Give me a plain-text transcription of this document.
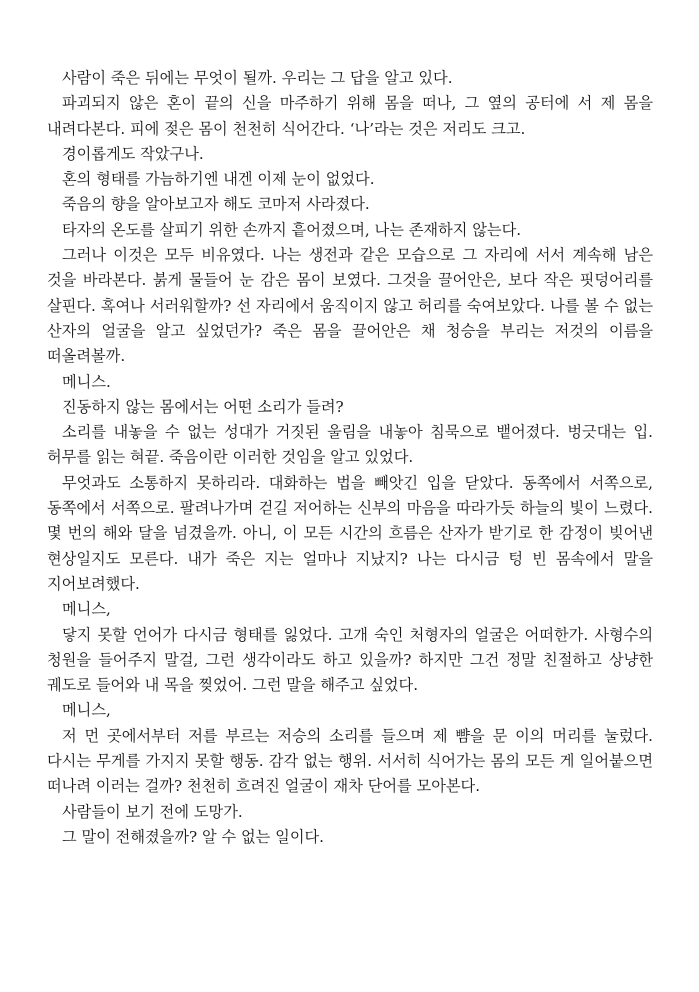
사람이 죽은 뒤에는 무엇이 될까. 우리는 그 답을 알고 있다.

파괴되지 않은 혼이 끝의 신을 마주하기 위해 몸을 떠나, 그 옆의 공터에 서 제 몸을 내려다본다. 피에 젖은 몸이 천천히 식어간다. ‘나’라는 것은 저리도 크고.

경이롭게도 작았구나.

혼의 형태를 가늠하기엔 내겐 이제 눈이 없었다.

죽음의 향을 알아보고자 해도 코마저 사라졌다.

타자의 온도를 살피기 위한 손까지 흩어졌으며, 나는 존재하지 않는다.

그러나 이것은 모두 비유였다. 나는 생전과 같은 모습으로 그 자리에 서서 계속해 남은 것을 바라본다. 붉게 물들어 눈 감은 몸이 보였다. 그것을 끌어안은, 보다 작은 핏덩어리를 살핀다. 혹여나 서러워할까? 선 자리에서 움직이지 않고 허리를 숙여보았다. 나를 볼 수 없는 산자의 얼굴을 알고 싶었던가? 죽은 몸을 끌어안은 채 청승을 부리는 저것의 이름을 떠올려볼까.

메니스.

진동하지 않는 몸에서는 어떤 소리가 들려?

소리를 내놓을 수 없는 성대가 거짓된 울림을 내놓아 침묵으로 뱉어졌다. 벙긋대는 입. 허무를 읽는 혀끝. 죽음이란 이러한 것임을 알고 있었다.

무엇과도 소통하지 못하리라. 대화하는 법을 빼앗긴 입을 닫았다. 동쪽에서 서쪽으로, 동쪽에서 서쪽으로. 팔려나가며 걷길 저어하는 신부의 마음을 따라가듯 하늘의 빛이 느렸다. 몇 번의 해와 달을 넘겼을까. 아니, 이 모든 시간의 흐름은 산자가 받기로 한 감정이 빚어낸 현상일지도 모른다. 내가 죽은 지는 얼마나 지났지? 나는 다시금 텅 빈 몸속에서 말을 지어보려했다.

메니스,

닿지 못할 언어가 다시금 형태를 잃었다. 고개 숙인 처형자의 얼굴은 어떠한가. 사형수의 청원을 들어주지 말걸, 그런 생각이라도 하고 있을까? 하지만 그건 정말 친절하고 상냥한 궤도로 들어와 내 목을 찢었어. 그런 말을 해주고 싶었다.

메니스,

저 먼 곳에서부터 저를 부르는 저승의 소리를 들으며 제 뺨을 문 이의 머리를 눌렀다. 다시는 무게를 가지지 못할 행동. 감각 없는 행위. 서서히 식어가는 몸의 모든 게 일어붙으면 떠나려 이러는 걸까? 천천히 흐려진 얼굴이 재차 단어를 모아본다.

사람들이 보기 전에 도망가.

그 말이 전해졌을까? 알 수 없는 일이다.
